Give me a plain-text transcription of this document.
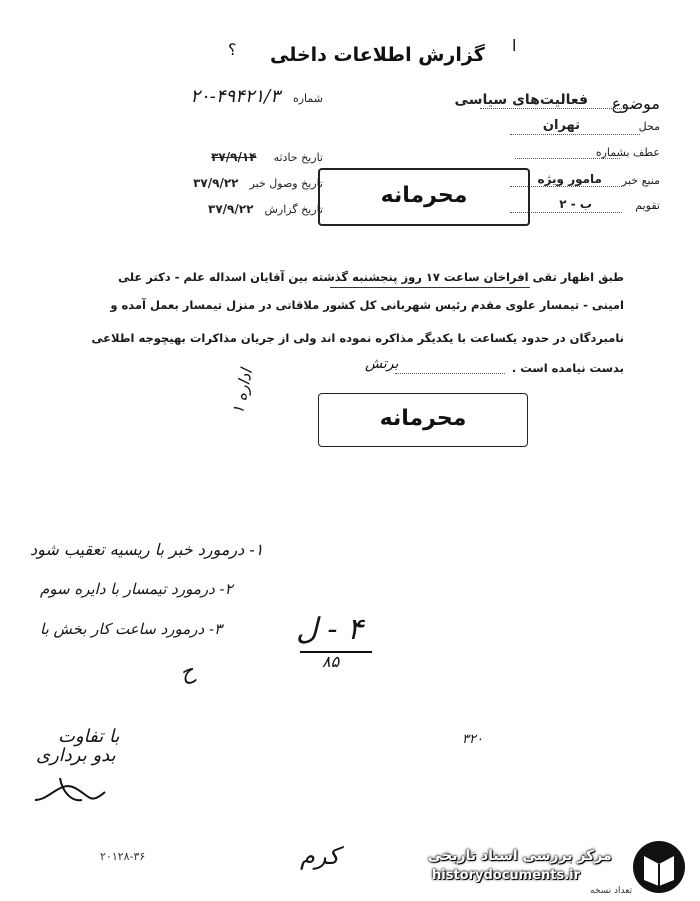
؟	ا
گزارش اطلاعات داخلی
شماره ۴۹۴۲۱/۳-۲۰
تاریخ حادثه ۳۷/۹/۱۴
تاریخ وصول خبر ۳۷/۹/۲۲
تاریخ گزارش ۳۷/۹/۲۲
موضوع
فعالیت‌های سیاسی
محل
تهران
عطف بشماره
منبع خبر
مامور ویژه
تقویم
ب - ۲
محرمانه
طبق اظهار تقی افراخان ساعت ۱۷ روز پنجشنبه گذشته بین آقایان اسداله علم - دکتر علی
امینی - تیمسار علوی مقدم رئیس شهربانی کل کشور ملاقاتی در منزل تیمسار بعمل آمده و
نامبردگان در حدود یکساعت با یکدیگر مذاکره نموده اند ولی از جریان مذاکرات بهیچوجه اطلاعی
بدست نیامده است .
برتش
محرمانه
اداره ۱
۱- درمورد خبر با ریسیه تعقیب شود
۲- درمورد تیمسار با دایره سوم
۳- درمورد ساعت کار بخش با ۴ - ل
۸۵
ح
بدو برداری
با تفاوت	۳۲۰
۲۰۱۲۸-۳۶	کرم	مرکز بررسی اسناد تاریخی
historydocuments.ir
تعداد نسخه
